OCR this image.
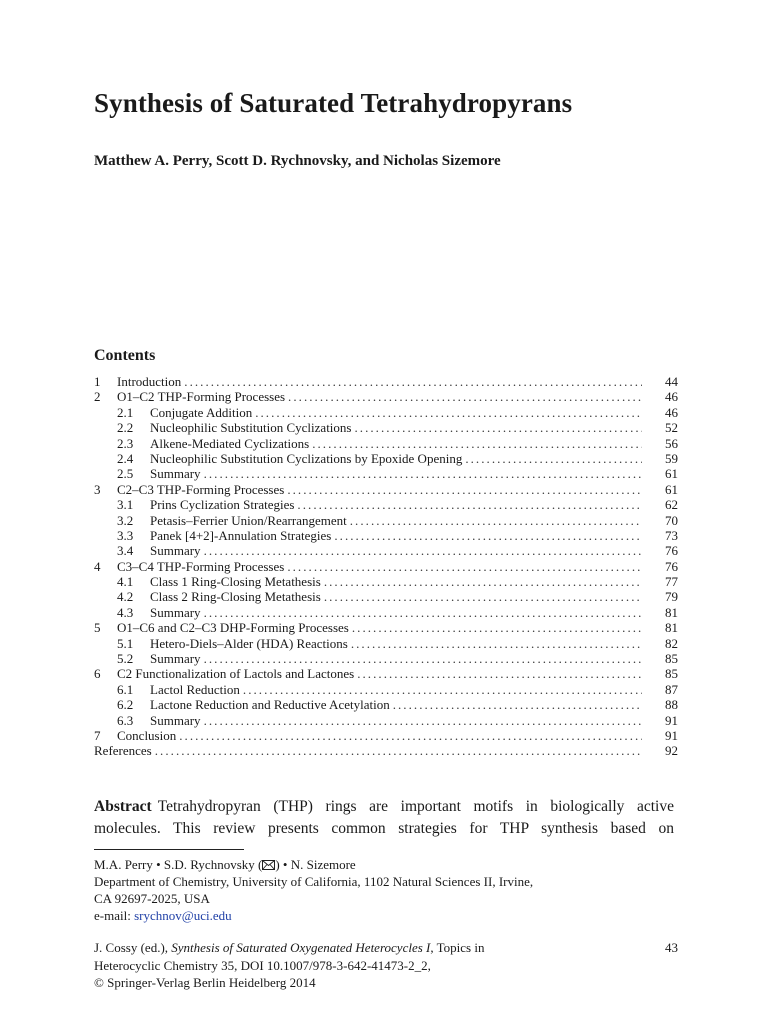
Synthesis of Saturated Tetrahydropyrans
Matthew A. Perry, Scott D. Rychnovsky, and Nicholas Sizemore
Contents
1	Introduction . . .	44
2	O1–C2 THP-Forming Processes . . .	46
2.1	Conjugate Addition . . .	46
2.2	Nucleophilic Substitution Cyclizations . . .	52
2.3	Alkene-Mediated Cyclizations . . .	56
2.4	Nucleophilic Substitution Cyclizations by Epoxide Opening . . .	59
2.5	Summary . . .	61
3	C2–C3 THP-Forming Processes . . .	61
3.1	Prins Cyclization Strategies . . .	62
3.2	Petasis–Ferrier Union/Rearrangement . . .	70
3.3	Panek [4+2]-Annulation Strategies . . .	73
3.4	Summary . . .	76
4	C3–C4 THP-Forming Processes . . .	76
4.1	Class 1 Ring-Closing Metathesis . . .	77
4.2	Class 2 Ring-Closing Metathesis . . .	79
4.3	Summary . . .	81
5	O1–C6 and C2–C3 DHP-Forming Processes . . .	81
5.1	Hetero-Diels–Alder (HDA) Reactions . . .	82
5.2	Summary . . .	85
6	C2 Functionalization of Lactols and Lactones . . .	85
6.1	Lactol Reduction . . .	87
6.2	Lactone Reduction and Reductive Acetylation . . .	88
6.3	Summary . . .	91
7	Conclusion . . .	91
References . . .	92
Abstract Tetrahydropyran (THP) rings are important motifs in biologically active
molecules. This review presents common strategies for THP synthesis based on
M.A. Perry • S.D. Rychnovsky ( ) • N. Sizemore
Department of Chemistry, University of California, 1102 Natural Sciences II, Irvine,
CA 92697-2025, USA
e-mail: srychnov@uci.edu
J. Cossy (ed.), Synthesis of Saturated Oxygenated Heterocycles I, Topics in
Heterocyclic Chemistry 35, DOI 10.1007/978-3-642-41473-2_2,
© Springer-Verlag Berlin Heidelberg 2014
43
